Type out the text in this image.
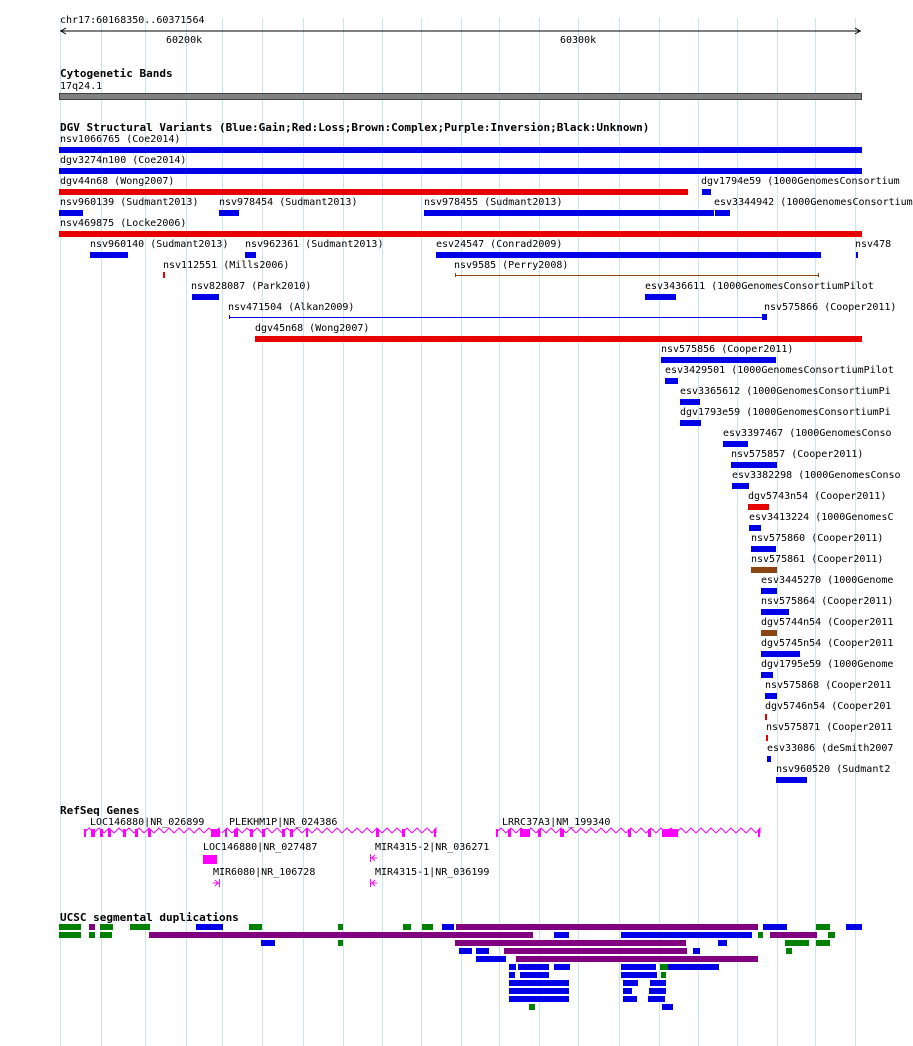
chr17:60168350..60371564
60200k	60300k
Cytogenetic Bands
17q24.1
DGV Structural Variants (Blue:Gain;Red:Loss;Brown:Complex;Purple:Inversion;Black:Unknown)
nsv1066765 (Coe2014)
dgv3274n100 (Coe2014)
dgv44n68 (Wong2007)	dgv1794e59 (1000GenomesConsortium
nsv960139 (Sudmant2013) nsv978454 (Sudmant2013)	nsv978455 (Sudmant2013)	esv3344942 (1000GenomesConsortium
nsv469875 (Locke2006)
nsv960140 (Sudmant2013) nsv962361 (Sudmant2013)	esv24547 (Conrad2009)	nsv478
nsv112551 (Mills2006)	nsv9585 (Perry2008)
nsv828087 (Park2010)	esv3436611 (1000GenomesConsortiumPilot
nsv471504 (Alkan2009)	nsv575866 (Cooper2011)
dgv45n68 (Wong2007)
nsv575856 (Cooper2011)
esv3429501 (1000GenomesConsortiumPilot
esv3365612 (1000GenomesConsortiumPi
dgv1793e59 (1000GenomesConsortiumPi
esv3397467 (1000GenomesConso
nsv575857 (Cooper2011)
esv3382298 (1000GenomesConso
dgv5743n54 (Cooper2011)
esv3413224 (1000GenomesC
nsv575860 (Cooper2011)
nsv575861 (Cooper2011)
esv3445270 (1000Genome
nsv575864 (Cooper2011)
dgv5744n54 (Cooper2011
dgv5745n54 (Cooper2011
dgv1795e59 (1000Genome
nsv575868 (Cooper2011
dgv5746n54 (Cooper201
nsv575871 (Cooper2011
esv33086 (deSmith2007
nsv960520 (Sudmant2
RefSeq Genes
LOC146880|NR_026899 PLEKHM1P|NR_024386	LRRC37A3|NM_199340
LOC146880|NR_027487	MIR4315-2|NR_036271
MIR6080|NR_106728	MIR4315-1|NR_036199
UCSC segmental duplications
